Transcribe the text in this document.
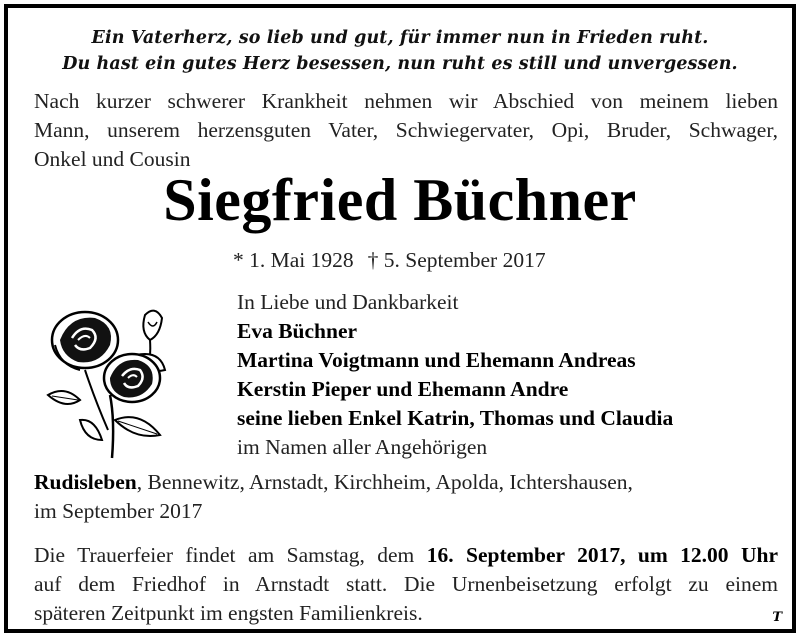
Ein Vaterherz, so lieb und gut, für immer nun in Frieden ruht.
Du hast ein gutes Herz besessen, nun ruht es still und unvergessen.
Nach kurzer schwerer Krankheit nehmen wir Abschied von meinem lieben
Mann, unserem herzensguten Vater, Schwiegervater, Opi, Bruder, Schwager,
Onkel und Cousin
Siegfried Büchner
* 1. Mai 1928 † 5. September 2017
In Liebe und Dankbarkeit
Eva Büchner
Martina Voigtmann und Ehemann Andreas
Kerstin Pieper und Ehemann Andre
seine lieben Enkel Katrin, Thomas und Claudia
im Namen aller Angehörigen
Rudisleben, Bennewitz, Arnstadt, Kirchheim, Apolda, Ichtershausen,
im September 2017
Die Trauerfeier findet am Samstag, dem 16. September 2017, um 12.00 Uhr
auf dem Friedhof in Arnstadt statt. Die Urnenbeisetzung erfolgt zu einem
späteren Zeitpunkt im engsten Familienkreis.	T
